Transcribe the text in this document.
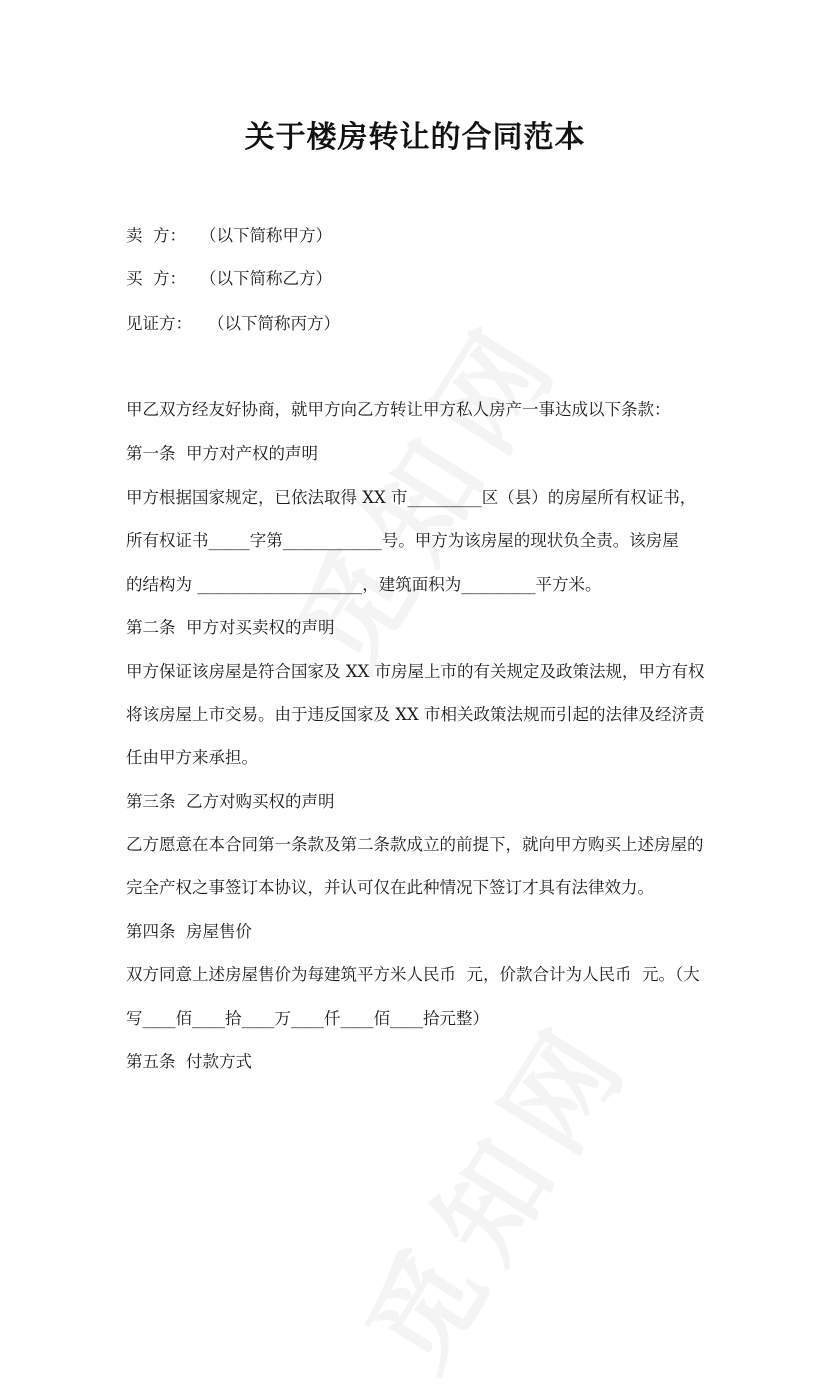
关于楼房转让的合同范本
卖  方： （以下简称甲方）
买  方： （以下简称乙方）
见证方： （以下简称丙方）
甲乙双方经友好协商，就甲方向乙方转让甲方私人房产一事达成以下条款：
第一条  甲方对产权的声明
甲方根据国家规定，已依法取得 XX 市_________区（县）的房屋所有权证书，
所有权证书_____字第____________号。甲方为该房屋的现状负全责。该房屋
的结构为 ____________________，建筑面积为_________平方米。
第二条  甲方对买卖权的声明
甲方保证该房屋是符合国家及 XX 市房屋上市的有关规定及政策法规，甲方有权
将该房屋上市交易。由于违反国家及 XX 市相关政策法规而引起的法律及经济责
任由甲方来承担。
第三条  乙方对购买权的声明
乙方愿意在本合同第一条款及第二条款成立的前提下，就向甲方购买上述房屋的
完全产权之事签订本协议，并认可仅在此种情况下签订才具有法律效力。
第四条  房屋售价
双方同意上述房屋售价为每建筑平方米人民币  元，价款合计为人民币  元。（大
写____佰____拾____万____仟____佰____拾元整）
第五条  付款方式
